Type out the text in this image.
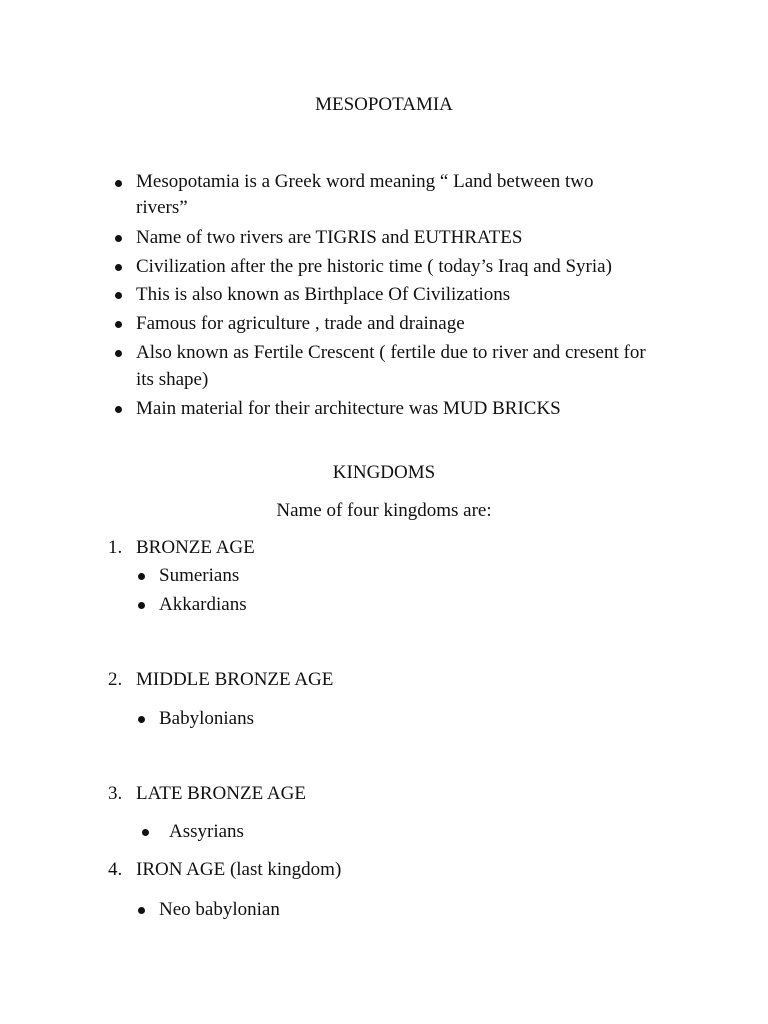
MESOPOTAMIA
Mesopotamia is a Greek word meaning “ Land between two
rivers”
Name of two rivers are TIGRIS and EUTHRATES
Civilization after the pre historic time ( today’s Iraq and Syria)
This is also known as Birthplace Of Civilizations
Famous for agriculture , trade and drainage
Also known as Fertile Crescent ( fertile due to river and cresent for
its shape)
Main material for their architecture was MUD BRICKS
KINGDOMS
Name of four kingdoms are:
1. BRONZE AGE
Sumerians
Akkardians
2. MIDDLE BRONZE AGE
Babylonians
3. LATE BRONZE AGE
Assyrians
4. IRON AGE (last kingdom)
Neo babylonian
